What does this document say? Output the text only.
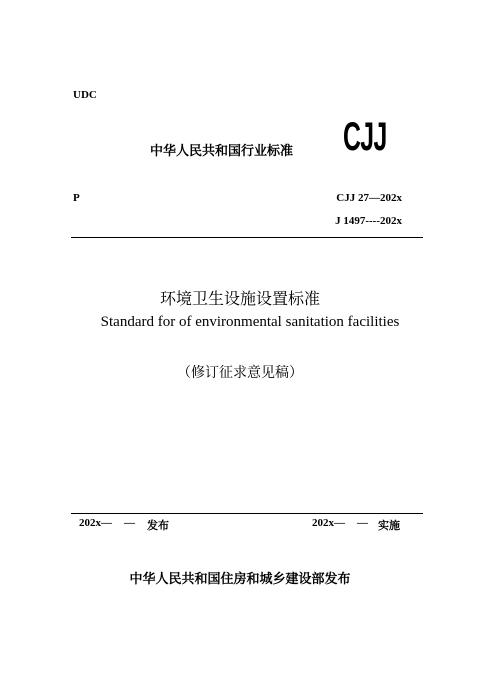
UDC
中华人民共和国行业标准 CJJ
P	CJJ 27—202x
J 1497----202x
环境卫生设施设置标准
Standard for of environmental sanitation facilities
（修订征求意见稿）
202x— — 发布	202x— — 实施
中华人民共和国住房和城乡建设部发布
